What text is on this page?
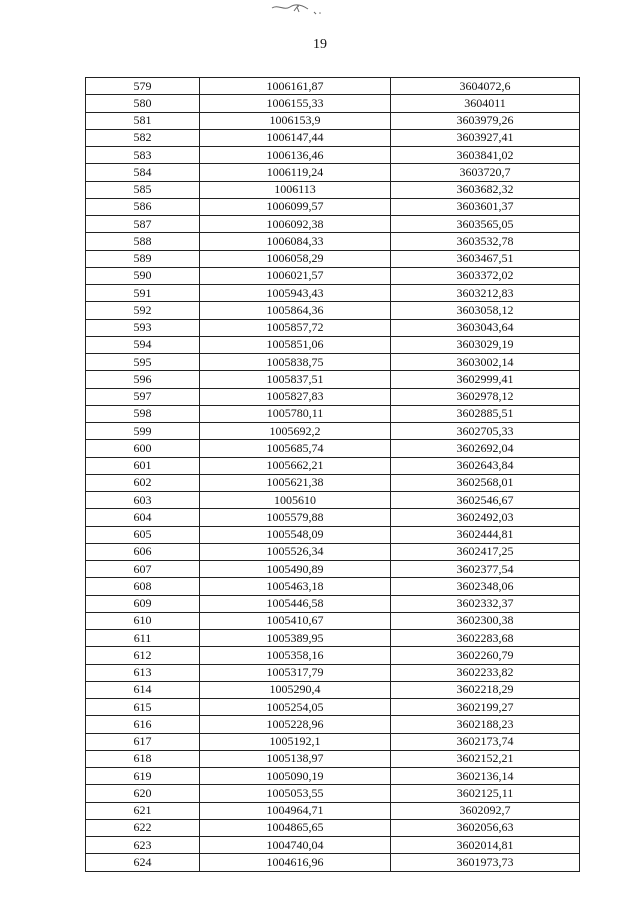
19
579	1006161,87	3604072,6
580	1006155,33	3604011
581	1006153,9	3603979,26
582	1006147,44	3603927,41
583	1006136,46	3603841,02
584	1006119,24	3603720,7
585	1006113	3603682,32
586	1006099,57	3603601,37
587	1006092,38	3603565,05
588	1006084,33	3603532,78
589	1006058,29	3603467,51
590	1006021,57	3603372,02
591	1005943,43	3603212,83
592	1005864,36	3603058,12
593	1005857,72	3603043,64
594	1005851,06	3603029,19
595	1005838,75	3603002,14
596	1005837,51	3602999,41
597	1005827,83	3602978,12
598	1005780,11	3602885,51
599	1005692,2	3602705,33
600	1005685,74	3602692,04
601	1005662,21	3602643,84
602	1005621,38	3602568,01
603	1005610	3602546,67
604	1005579,88	3602492,03
605	1005548,09	3602444,81
606	1005526,34	3602417,25
607	1005490,89	3602377,54
608	1005463,18	3602348,06
609	1005446,58	3602332,37
610	1005410,67	3602300,38
611	1005389,95	3602283,68
612	1005358,16	3602260,79
613	1005317,79	3602233,82
614	1005290,4	3602218,29
615	1005254,05	3602199,27
616	1005228,96	3602188,23
617	1005192,1	3602173,74
618	1005138,97	3602152,21
619	1005090,19	3602136,14
620	1005053,55	3602125,11
621	1004964,71	3602092,7
622	1004865,65	3602056,63
623	1004740,04	3602014,81
624	1004616,96	3601973,73
